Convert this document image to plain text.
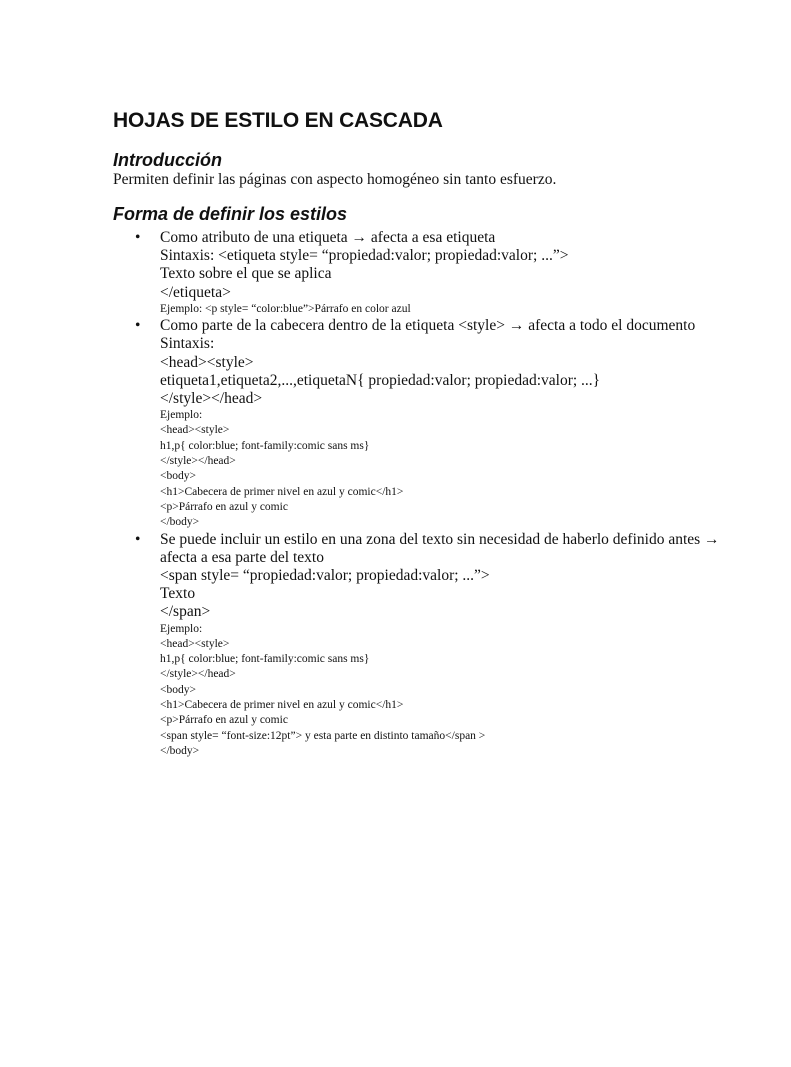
HOJAS DE ESTILO EN CASCADA
Introducción

Permiten definir las páginas con aspecto homogéneo sin tanto esfuerzo.

Forma de definir los estilos
• Como atributo de una etiqueta → afecta a esa etiqueta
Sintaxis: <etiqueta style= “propiedad:valor; propiedad:valor; ...”>
Texto sobre el que se aplica
</etiqueta>
Ejemplo: <p style= “color:blue”>Párrafo en color azul
• Como parte de la cabecera dentro de la etiqueta <style> → afecta a todo el documento
Sintaxis:
<head><style>
etiqueta1,etiqueta2,...,etiquetaN{ propiedad:valor; propiedad:valor; ...}
</style></head>
Ejemplo:
<head><style>
h1,p{ color:blue; font-family:comic sans ms}
</style></head>
<body>
<h1>Cabecera de primer nivel en azul y comic</h1>
<p>Párrafo en azul y comic
</body>
• Se puede incluir un estilo en una zona del texto sin necesidad de haberlo definido antes → afecta a esa parte del texto
<span style= “propiedad:valor; propiedad:valor; ...”>
Texto
</span>
Ejemplo:
<head><style>
h1,p{ color:blue; font-family:comic sans ms}
</style></head>
<body>
<h1>Cabecera de primer nivel en azul y comic</h1>
<p>Párrafo en azul y comic
<span style= “font-size:12pt”> y esta parte en distinto tamaño</span >
</body>
